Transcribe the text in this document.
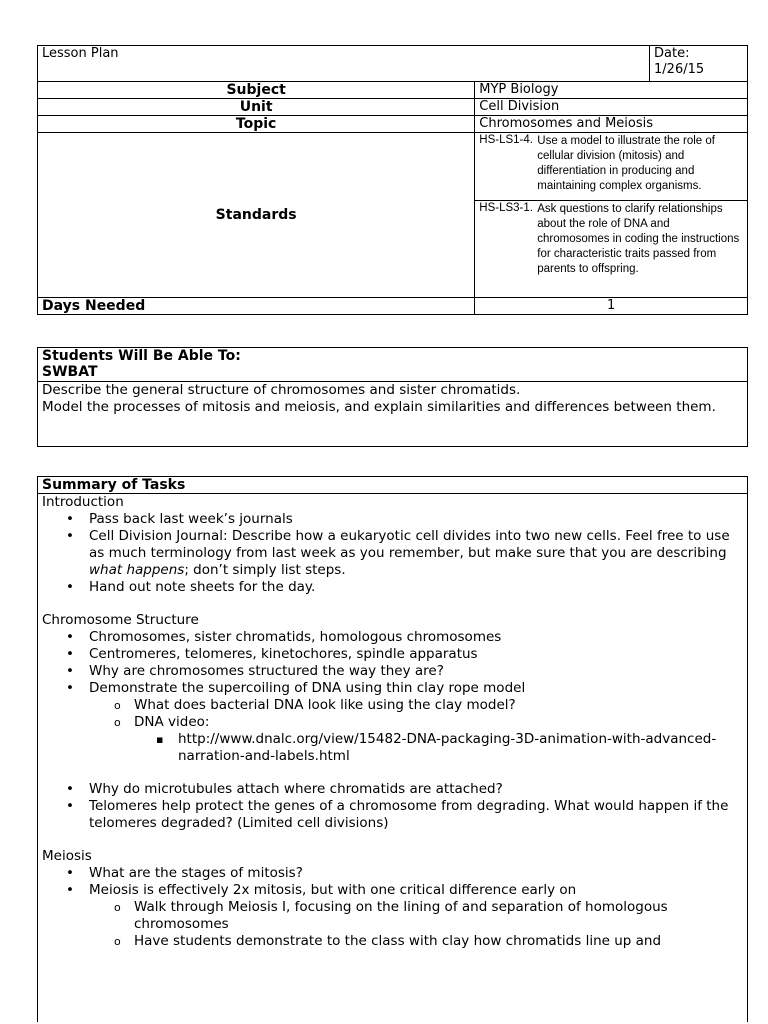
Lesson Plan	Date:
1/26/15

Subject	MYP Biology
Unit	Cell Division
Topic	Chromosomes and Meiosis
Standards	
HS-LS1-4.	Use a model to illustrate the role of cellular division (mitosis) and differentiation in producing and maintaining complex organisms.
HS-LS3-1.	Ask questions to clarify relationships about the role of DNA and chromosomes in coding the instructions for characteristic traits passed from parents to offspring.

Days Needed	1
Students Will Be Able To:
SWBAT

Describe the general structure of chromosomes and sister chromatids.

Model the processes of mitosis and meiosis, and explain similarities and differences between them.

Summary of Tasks

Introduction

• Pass back last week’s journals
• Cell Division Journal: Describe how a eukaryotic cell divides into two new cells. Feel free to use as much terminology from last week as you remember, but make sure that you are describing what happens; don’t simply list steps.
• Hand out note sheets for the day.

Chromosome Structure

• Chromosomes, sister chromatids, homologous chromosomes
• Centromeres, telomeres, kinetochores, spindle apparatus
• Why are chromosomes structured the way they are?
• Demonstrate the supercoiling of DNA using thin clay rope model
o What does bacterial DNA look like using the clay model?
o DNA video:
▪ http://www.dnalc.org/view/15482-DNA-packaging-3D-animation-with-advanced-narration-and-labels.html
• Why do microtubules attach where chromatids are attached?
• Telomeres help protect the genes of a chromosome from degrading. What would happen if the telomeres degraded? (Limited cell divisions)

Meiosis

• What are the stages of mitosis?
• Meiosis is effectively 2x mitosis, but with one critical difference early on
o Walk through Meiosis I, focusing on the lining of and separation of homologous chromosomes
o Have students demonstrate to the class with clay how chromatids line up and
